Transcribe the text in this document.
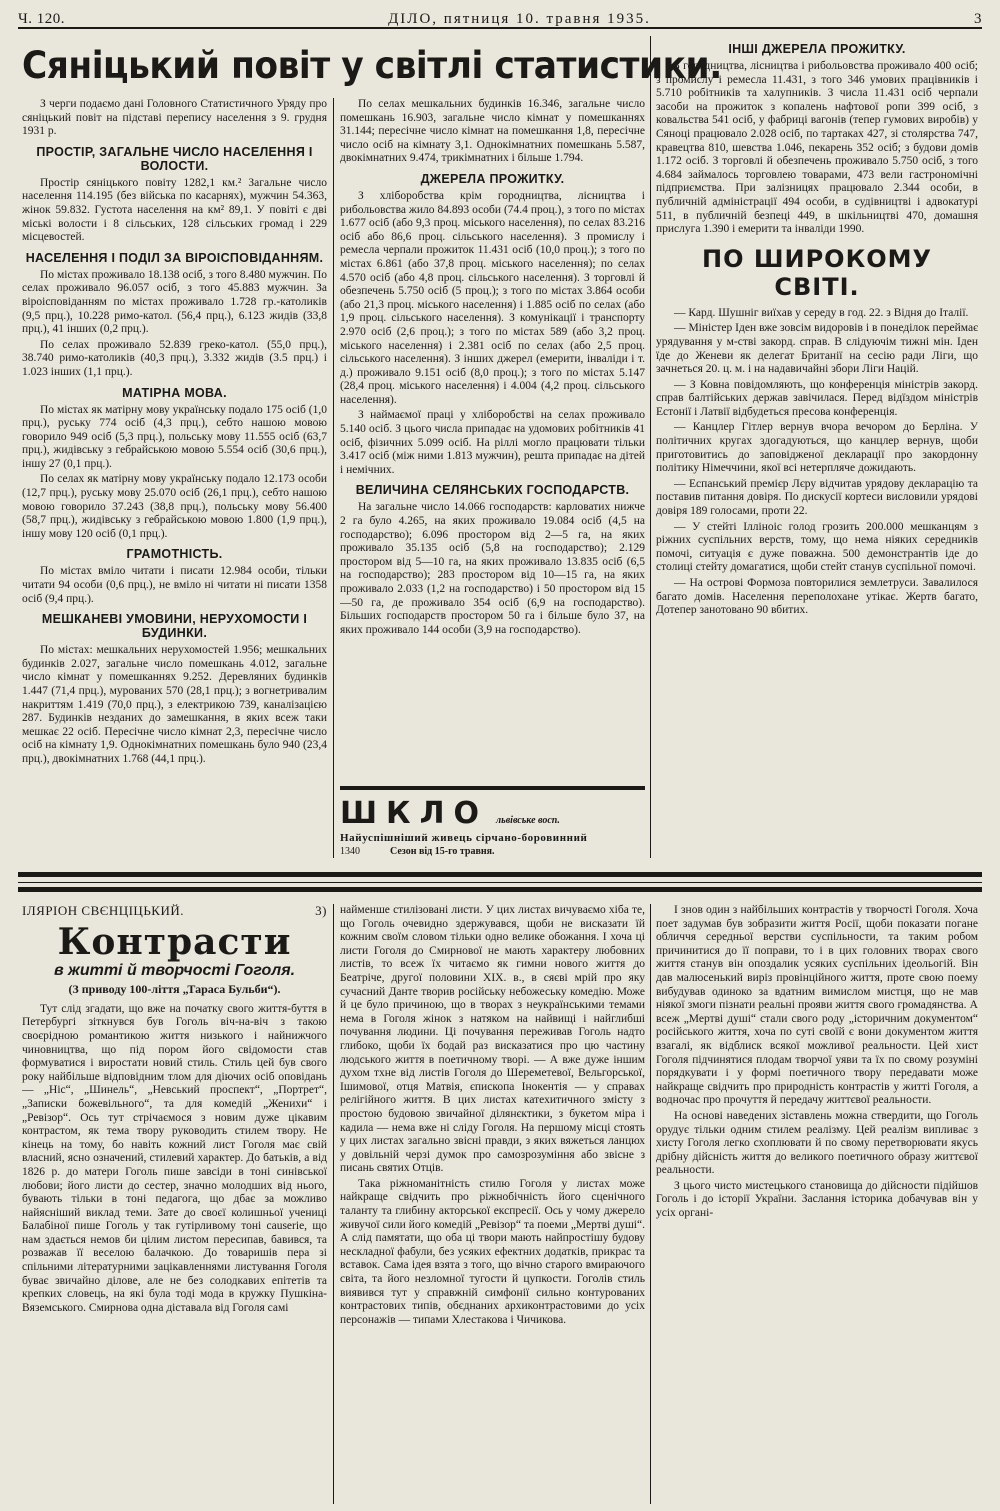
Ч. 120.	ДІЛО, пятниця 10. травня 1935.	3
Сяніцький повіт у світлі статистики.

З черги подаємо дані Головного Статистичного Уряду про сяніцький повіт на підставі перепису населення з 9. грудня 1931 р.

ПРОСТІР, ЗАГАЛЬНЕ ЧИСЛО НАСЕЛЕННЯ І ВОЛОСТИ.

Простір сяніцького повіту 1282,1 км.² Загальне число населення 114.195 (без війська по касарнях), мужчин 54.363, жінок 59.832. Густота населення на км² 89,1. У повіті є дві міські волости і 8 сільських, 128 сільських громад і 229 місцевостей.

НАСЕЛЕННЯ І ПОДІЛ ЗА ВІРОІСПОВІДАННЯМ.

По містах проживало 18.138 осіб, з того 8.480 мужчин. По селах проживало 96.057 осіб, з того 45.883 мужчин. За віроісповіданням по містах проживало 1.728 гр.-католиків (9,5 прц.), 10.228 римо-катол. (56,4 прц.), 6.123 жидів (33,8 прц.), 41 інших (0,2 прц.).

По селах проживало 52.839 греко-катол. (55,0 прц.), 38.740 римо-католиків (40,3 прц.), 3.332 жидів (3.5 прц.) і 1.023 інших (1,1 прц.).

МАТІРНА МОВА.

По містах як матірну мову українську подало 175 осіб (1,0 прц.), руську 774 осіб (4,3 прц.), себто нашою мовою говорило 949 осіб (5,3 прц.), польську мову 11.555 осіб (63,7 прц.), жидівську з гебрайською мовою 5.554 осіб (30,6 прц.), іншу 27 (0,1 прц.).

По селах як матірну мову українську подало 12.173 особи (12,7 прц.), руську мову 25.070 осіб (26,1 прц.), себто нашою мовою говорило 37.243 (38,8 прц.), польську мову 56.400 (58,7 прц.), жидівську з гебрайською мовою 1.800 (1,9 прц.), іншу мову 120 осіб (0,1 прц.).

ГРАМОТНІСТЬ.

По містах вміло читати і писати 12.984 особи, тільки читати 94 особи (0,6 прц.), не вміло ні читати ні писати 1358 осіб (9,4 прц.).

МЕШКАНЕВІ УМОВИНИ, НЕРУХОМОСТИ І БУДИНКИ.

По містах: мешкальних нерухомостей 1.956; мешкальних будинків 2.027, загальне число помешкань 4.012, загальне число кімнат у помешканнях 9.252. Деревляних будинків 1.447 (71,4 прц.), мурованих 570 (28,1 прц.); з вогнетривалим накриттям 1.419 (70,0 прц.), з електрикою 739, каналізацією 287. Будинків незданих до замешкання, в яких всеж таки мешкає 22 осіб. Пересічне число кімнат 2,3, пересічне число осіб на кімнату 1,9. Однокімнатних помешкань було 940 (23,4 прц.), двокімнатних 1.768 (44,1 прц.).

По селах мешкальних будинків 16.346, загальне число помешкань 16.903, загальне число кімнат у помешканнях 31.144; пересічне число кімнат на помешкання 1,8, пересічне число осіб на кімнату 3,1. Однокімнатних помешкань 5.587, двокімнатних 9.474, трикімнатних і більше 1.794.

ДЖЕРЕЛА ПРОЖИТКУ.

З хліборобства крім городництва, лісництва і рибольовства жило 84.893 особи (74.4 проц.), з того по містах 1.677 осіб (або 9,3 проц. міського населення), по селах 83.216 осіб або 86,6 проц. сільського населення). З промислу і ремесла черпали прожиток 11.431 осіб (10,0 проц.); з того по містах 6.861 (або 37,8 проц. міського населення); по селах 4.570 осіб (або 4,8 проц. сільського населення). З торговлі й обезпечень 5.750 осіб (5 проц.); з того по містах 3.864 особи (або 21,3 проц. міського населення) і 1.885 осіб по селах (або 1,9 проц. сільського населення). З комунікації і транспорту 2.970 осіб (2,6 проц.); з того по містах 589 (або 3,2 проц. міського населення) і 2.381 осіб по селах (або 2,5 проц. сільського населення). З інших джерел (емерити, інваліди і т. д.) проживало 9.151 осіб (8,0 проц.); з того по містах 5.147 (28,4 проц. міського населення) і 4.004 (4,2 проц. сільського населення).

З наймаємої праці у хліборобстві на селах проживало 5.140 осіб. З цього числа припадає на удомових робітників 41 осіб, фізичних 5.099 осіб. На ріллі могло працювати тільки 3.417 осіб (між ними 1.813 мужчин), решта припадає на дітей і немічних.

ВЕЛИЧИНА СЕЛЯНСЬКИХ ГОСПОДАРСТВ.

На загальне число 14.066 господарств: карловатих нижче 2 га було 4.265, на яких проживало 19.084 осіб (4,5 на господарство); 6.096 простором від 2—5 га, на яких проживало 35.135 осіб (5,8 на господарство); 2.129 простором від 5—10 га, на яких проживало 13.835 осіб (6,5 на господарство); 283 простором від 10—15 га, на яких проживало 2.033 (1,2 на господарство) і 50 простором від 15—50 га, де проживало 354 осіб (6,9 на господарство). Більших господарств простором 50 га і більше було 37, на яких проживало 144 особи (3,9 на господарство).

ШКЛО львівське восп.
Найуспішніший живець сірчано-боровинний
1340	Сезон від 15-го травня.
ІНШІ ДЖЕРЕЛА ПРОЖИТКУ.

З городництва, лісництва і рибольовства проживало 400 осіб; з промислу і ремесла 11.431, з того 346 умових працівників і 5.710 робітників та халупників. З числа 11.431 осіб черпали засоби на прожиток з копалень нафтової ропи 399 осіб, з ковальства 541 осіб, у фабриці вагонів (тепер гумових виробів) у Сяноці працювало 2.028 осіб, по тартаках 427, зі столярства 747, кравецтва 810, шевства 1.046, пекарень 352 осіб; з будови домів 1.172 осіб. З торговлі й обезпечень проживало 5.750 осіб, з того 4.684 займалось торговлею товарами, 473 вели гастрономічні підприємства. При залізницях працювало 2.344 особи, в публичній адміністрації 494 особи, в судівництві і адвокатурі 511, в публичній безпеці 449, в шкільництві 470, домашня прислуга 1.390 і емерити та інваліди 1990.

ПО ШИРОКОМУ СВІТІ.

— Кард. Шушніг виїхав у середу в год. 22. з Відня до Італії.

— Міністер Іден вже зовсім видоровів і в понеділок переймає урядування у м-стві закорд. справ. В слідуючім тижні мін. Іден їде до Женеви як делегат Британії на сесію ради Ліги, що зачнеться 20. ц. м. і на надавичайні збори Ліги Націй.

— З Ковна повідомляють, що конференція міністрів закорд. справ балтійських держав завічилася. Перед відїздом міністрів Естонії і Латвії відбудеться пресова конференція.

— Канцлер Гітлер вернув вчора вечором до Берліна. У політичних кругах здогадуються, що канцлер вернув, щоби приготовитись до заповідженої декларації про закордонну політику Німеччини, якої всі нетерпляче дожидають.

— Еспанський премієр Лєру відчитав урядову декларацію та поставив питання довіря. По дискусії кортеси висловили урядові довіря 189 голосами, проти 22.

— У стейті Ілліноіс голод грозить 200.000 мешканцям з ріжних суспільних верств, тому, що нема ніяких середників помочі, ситуація є дуже поважна. 500 демонстрантів іде до столиці стейту домагатися, щоби стейт станув суспільної помочі.

— На острові Формоза повторилися землетруси. Завалилося багато домів. Населення переполохане утікає. Жертв багато, Дотепер занотовано 90 вбитих.

ІЛЯРІОН СВЄНЦІЦЬКИЙ.	3)
Контрасти
в житті й творчості Гоголя.
(З приводу 100-ліття „Тараса Бульби“).

Тут слід згадати, що вже на початку свого життя-буття в Петербургі зіткнувся був Гоголь віч-на-віч з такою своєрідною романтикою життя низького і найнижчого чиновництва, що під пором його свідомости став формуватися і виростати новий стиль. Стиль цей був свого року найбільше відповідним тлом для діючих осіб оповідань — „Ніс“, „Шинель“, „Невський проспект“, „Портрет“, „Записки божевільного“, та для комедій „Женихи“ і „Ревізор“. Ось тут стрічаємося з новим дуже цікавим контрастом, як тема твору руководить стилем твору. Не кінець на тому, бо навіть кожний лист Гоголя має свій власний, ясно означений, стилевий характер. До батьків, а від 1826 р. до матери Гоголь пише завсіди в тоні синівської любови; його листи до сестер, значно молодших від нього, бувають тільки в тоні педагога, що дбає за можливо найясніший виклад теми. Зате до своєї колишньої учениці Балабіної пише Гоголь у так гутірливому тоні causerie, що нам здається немов би цілим листом пересипав, бавився, та розважав її веселою балачкою. До товаришів пера зі спільними літературними зацікавленнями листування Гоголя буває звичайно ділове, але не без солодкавих епітетів та крепких словець, на які була тоді мода в кружку Пушкіна-Вяземського. Смирнова одна діставала від Гоголя самі

найменше стилізовані листи. У цих листах вичуваємо хіба те, що Гоголь очевидно здержувався, щоби не висказати їй кожним своїм словом тільки одно велике обожання. І хоча ці листи Гоголя до Смирнової не мають характеру любовних листів, то всеж їх читаємо як гимни нового життя до Беатріче, другої половини XIX. в., в сяєві мрій про яку сучасний Данте творив російську небожеську комедію. Може й це було причиною, що в творах з неукраїнськими темами нема в Гоголя жінок з натяком на найвищі і найглибші почування людини. Ці почування переживав Гоголь надто глибоко, щоби їх бодай раз висказатися про цю частину людського життя в поетичному творі. — А вже дуже іншим духом тхне від листів Гоголя до Шереметевої, Вельгорської, Ішимової, отця Матвія, єпископа Інокентія — у справах релігійного життя. В цих листах катехитичного змісту з простою будовою звичайної ділянєктики, з букетом міра і кадила — нема вже ні сліду Гоголя. На першому місці стоять у цих листах загально звісні правди, з яких вяжеться ланцюх у довільній черзі думок про самозрозуміння або звісне з писань святих Отців.

Така ріжноманітність стилю Гоголя у листах може найкраще свідчить про ріжнобічність його сценічного таланту та глибину акторської експресії. Ось у чому джерело живучої сили його комедій „Ревізор“ та поеми „Мертві душі“. А слід памятати, що оба ці твори мають найпростішу будову нескладної фабули, без усяких ефектних додатків, прикрас та вставок. Сама ідея взята з того, що вічно старого вмираючого світа, та його незломної тугости й цупкости. Гоголів стиль виявився тут у справжній симфонії сильно контурованих контрастових типів, обєднаних архиконтрастовими до усіх персонажів — типами Хлестакова і Чичикова.

І знов один з найбільших контрастів у творчості Гоголя. Хоча поет задумав був зобразити життя Росії, щоби показати погане обличчя середньої верстви суспільности, та таким робом причинитися до її поправи, то і в цих головних творах свого життя станув він опоздалик усяких суспільних ідеольогій. Він дав малюсенький виріз провінційного життя, проте свою поему вибудував одиноко за вдатним вимислом мистця, що не мав ніякої змоги пізнати реальні прояви життя свого громадянства. А всеж „Мертві душі“ стали свого роду „історичним документом“ російського життя, хоча по суті своїй є вони документом життя взагалі, як відблиск всякої можливої реальности. Цей хист Гоголя підчинятися плодам творчої уяви та їх по свому розуміні порядкувати і у формі поетичного твору передавати може найкраще свідчить про природність контрастів у житті Гоголя, а водночас про прочуття й передачу життєвої реальности.

На основі наведених зіставлень можна ствердити, що Гоголь орудує тільки одним стилем реалізму. Цей реалізм випливає з хисту Гоголя легко схоплювати й по свому перетворювати якусь дрібну дійсність життя до великого поетичного образу життєвої реальности.

З цього чисто мистецького становища до дійсности підійшов Гоголь і до історії України. Заслання історика добачував він у усіх органі-
